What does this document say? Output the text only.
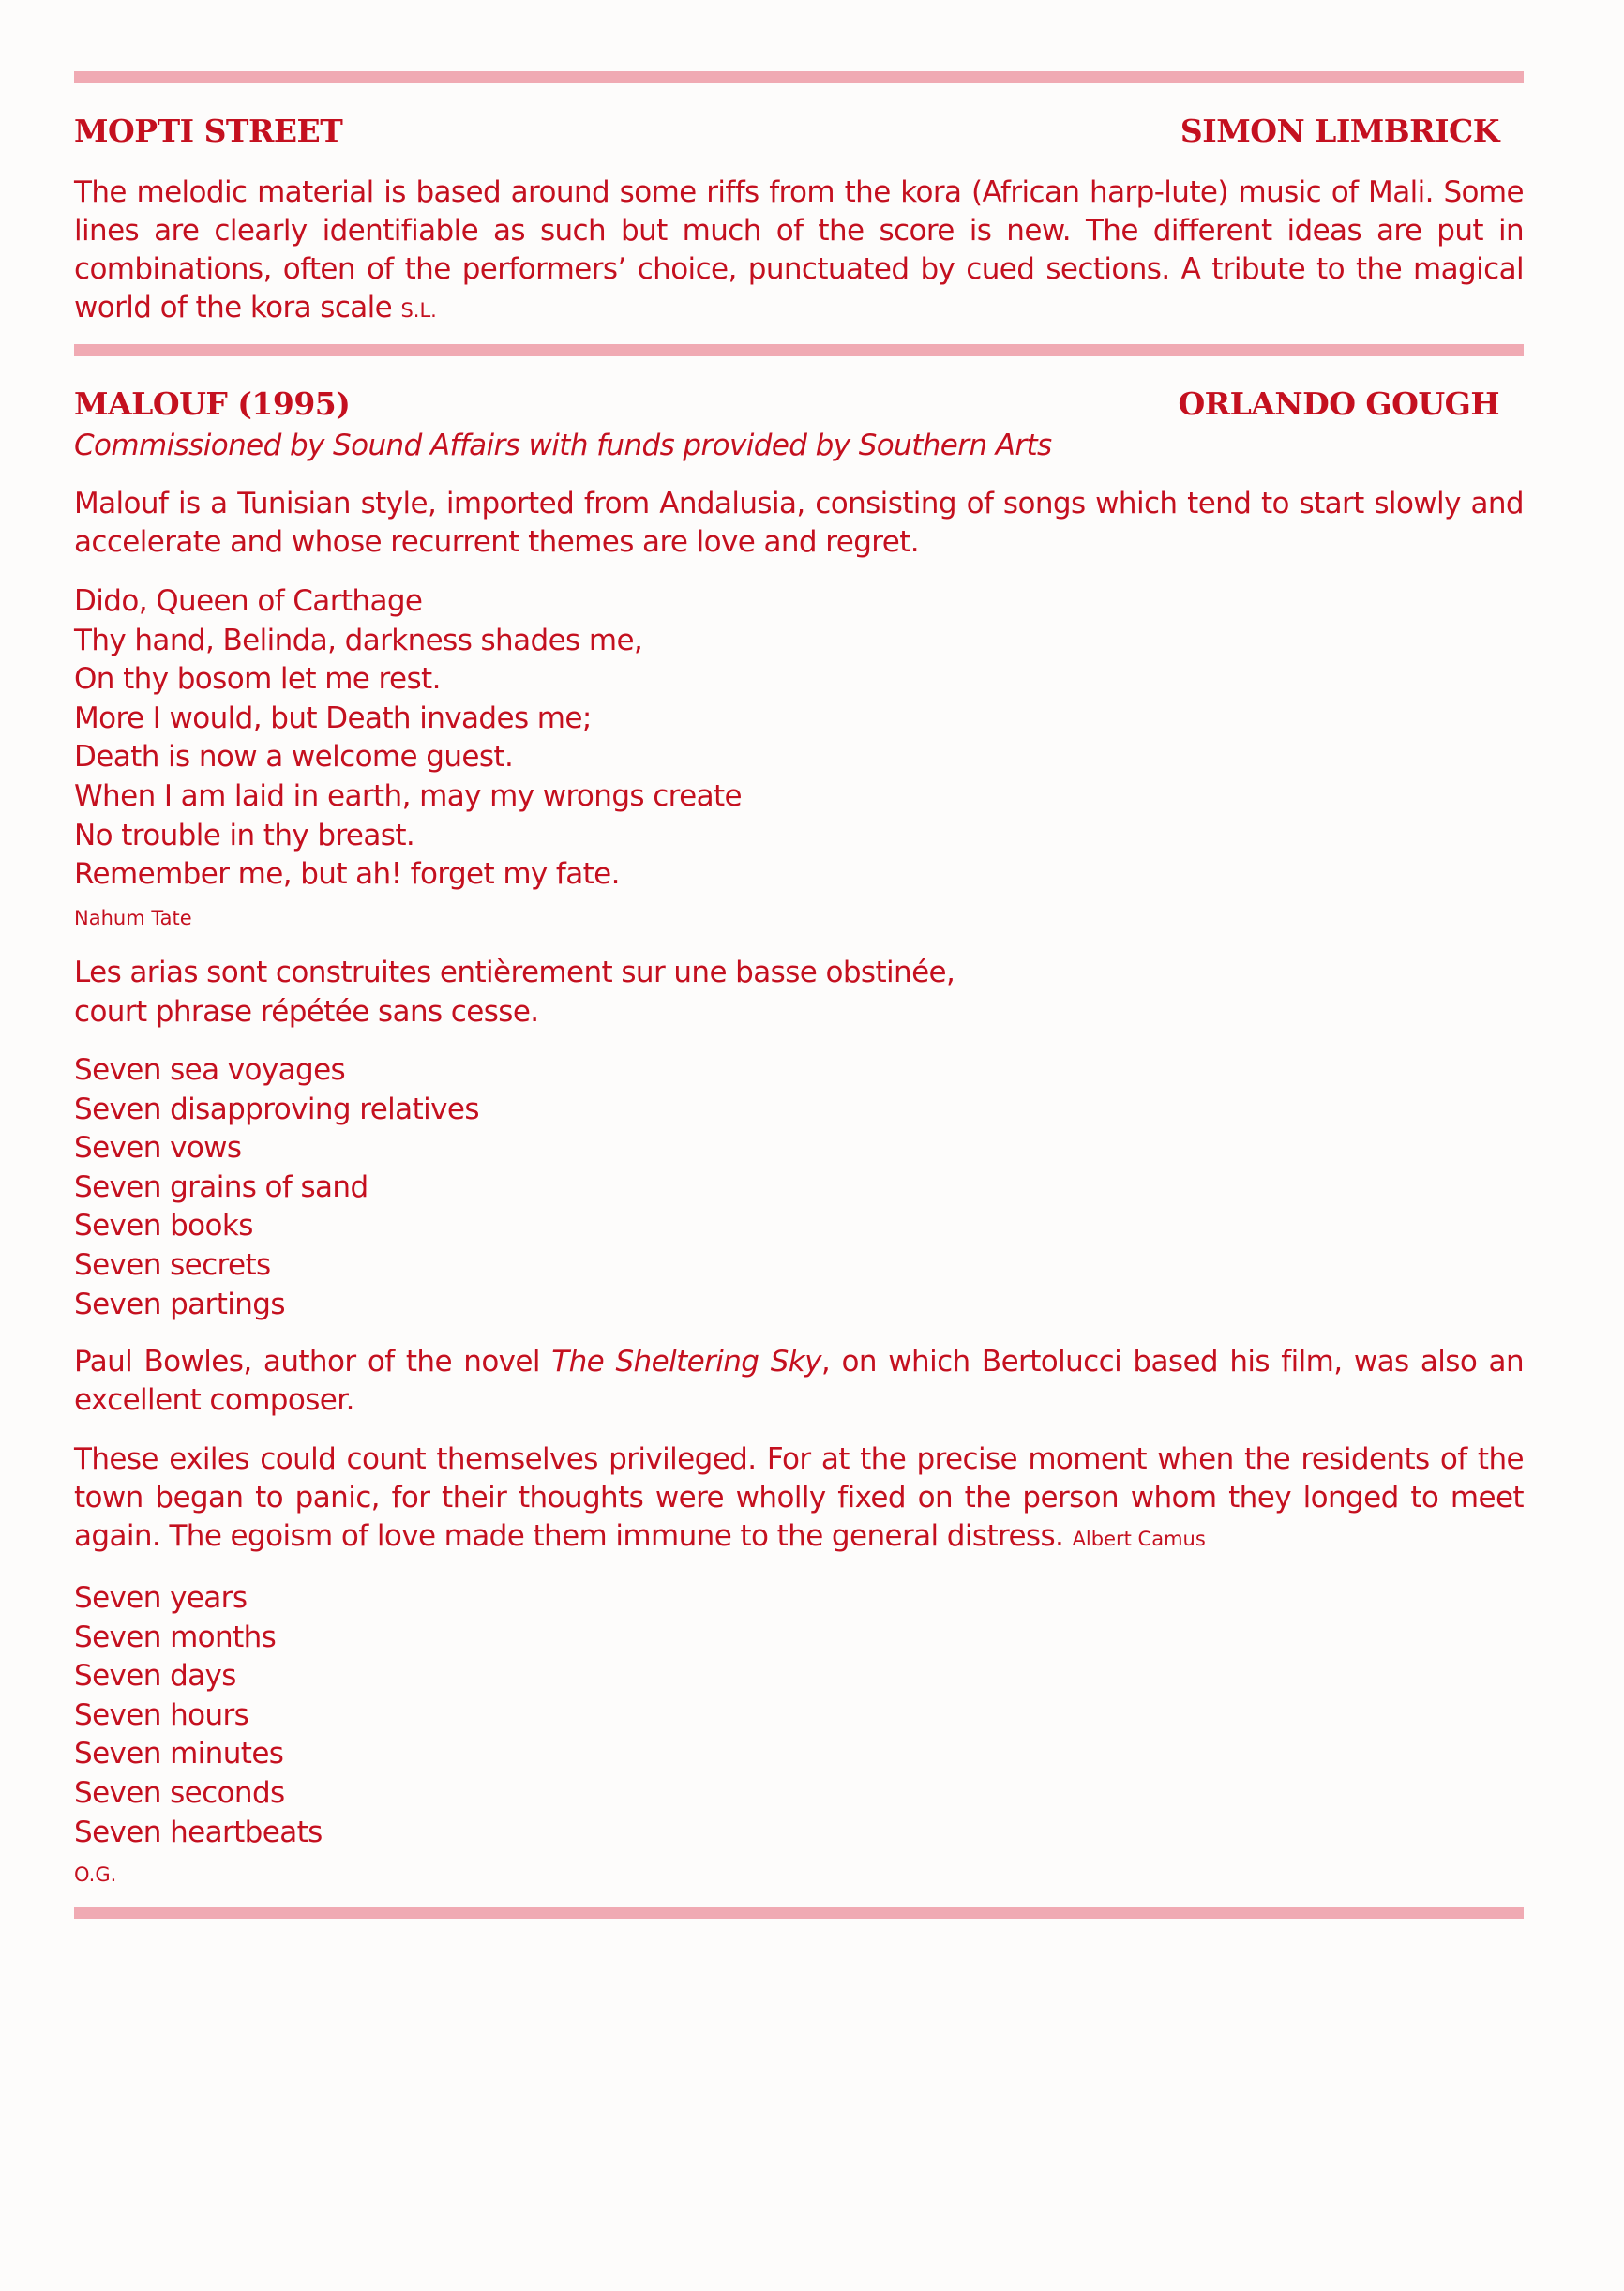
MOPTI STREET	SIMON LIMBRICK
The melodic material is based around some riffs from the kora (African harp-lute) music of Mali. Some lines are clearly identifiable as such but much of the score is new. The different ideas are put in combinations, often of the performers’ choice, punctuated by cued sections. A tribute to the magical world of the kora scale S.L.
MALOUF (1995)	ORLANDO GOUGH
Commissioned by Sound Affairs with funds provided by Southern Arts
Malouf is a Tunisian style, imported from Andalusia, consisting of songs which tend to start slowly and accelerate and whose recurrent themes are love and regret.
Dido, Queen of Carthage
Thy hand, Belinda, darkness shades me,
On thy bosom let me rest.
More I would, but Death invades me;
Death is now a welcome guest.
When I am laid in earth, may my wrongs create
No trouble in thy breast.
Remember me, but ah! forget my fate.
Nahum Tate
Les arias sont construites entièrement sur une basse obstinée,
court phrase répétée sans cesse.
Seven sea voyages
Seven disapproving relatives
Seven vows
Seven grains of sand
Seven books
Seven secrets
Seven partings
Paul Bowles, author of the novel The Sheltering Sky, on which Bertolucci based his film, was also an excellent composer.
These exiles could count themselves privileged. For at the precise moment when the residents of the town began to panic, for their thoughts were wholly fixed on the person whom they longed to meet again. The egoism of love made them immune to the general distress. Albert Camus
Seven years
Seven months
Seven days
Seven hours
Seven minutes
Seven seconds
Seven heartbeats
O.G.
